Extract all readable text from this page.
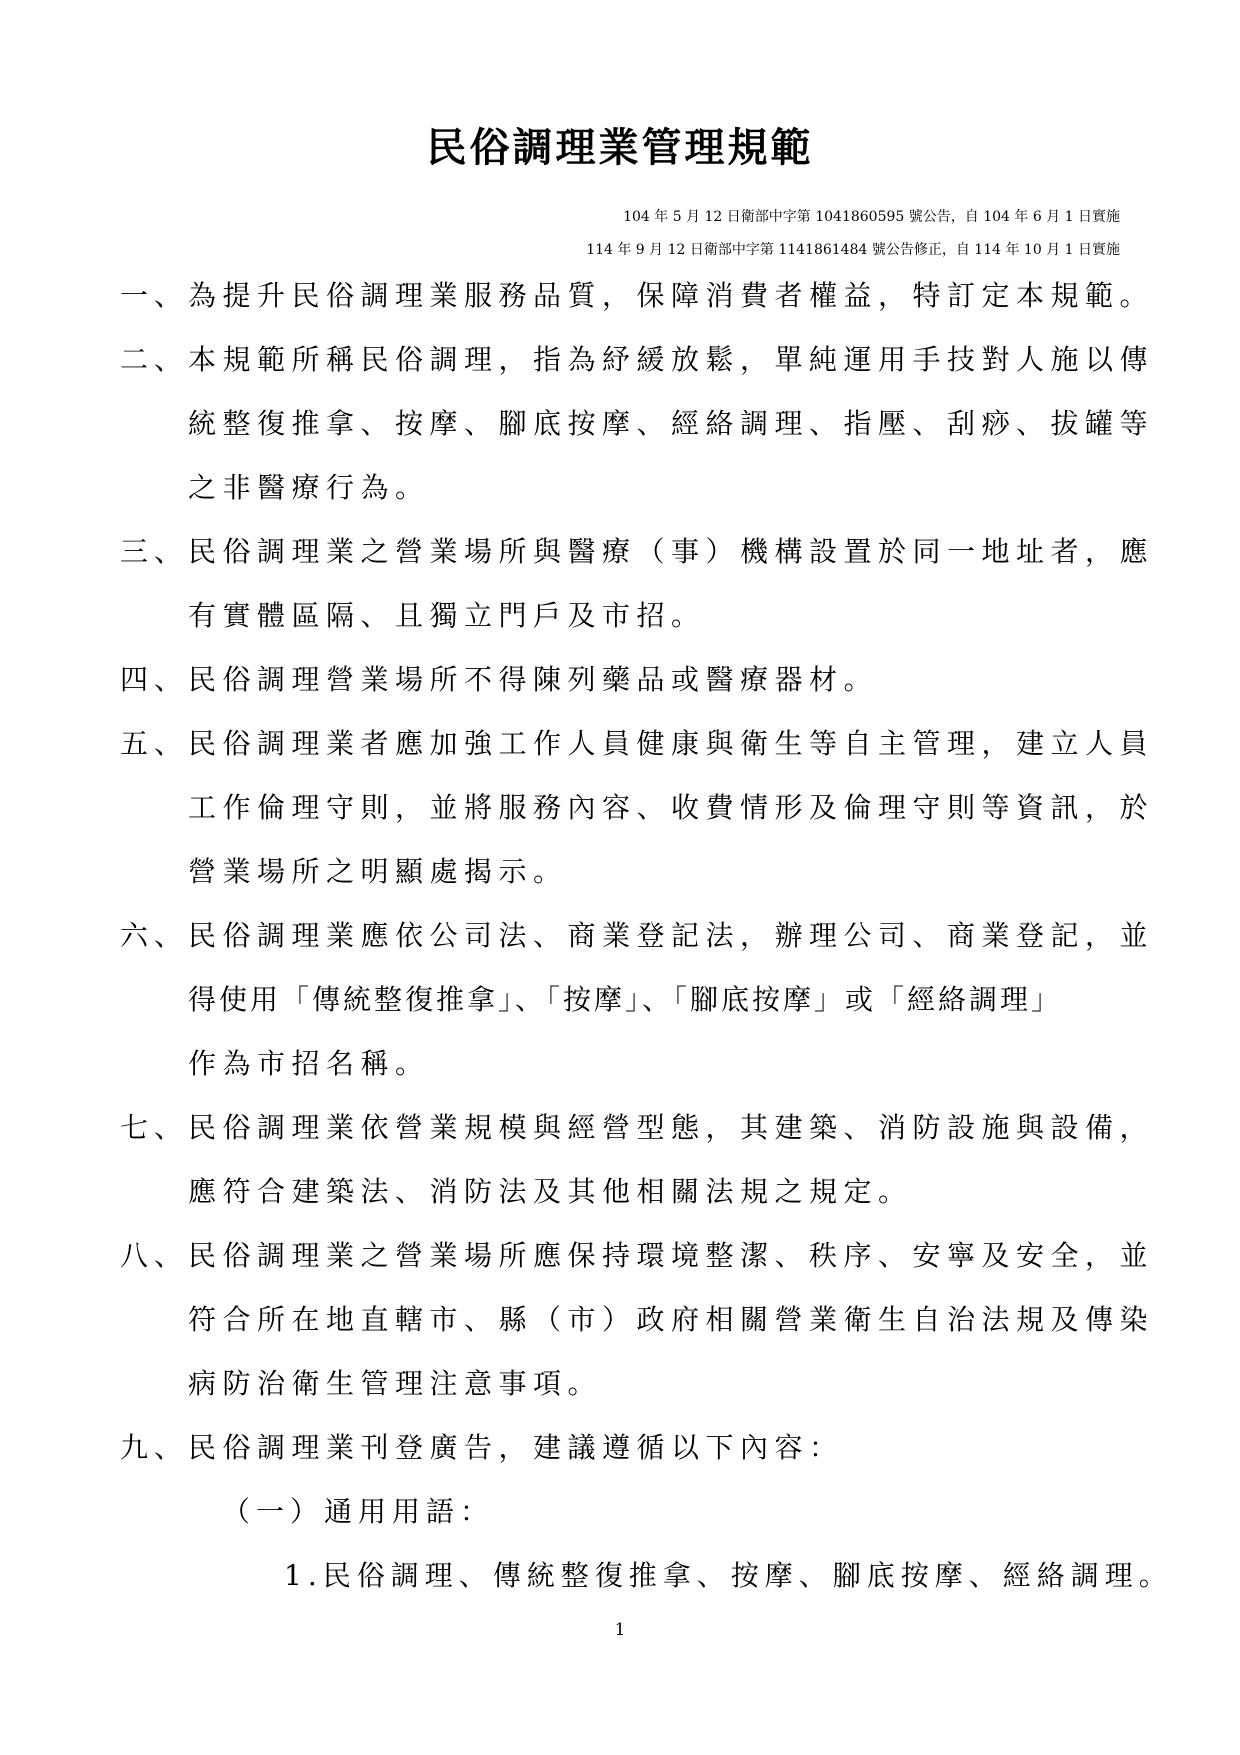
民俗調理業管理規範
104 年 5 月 12 日衛部中字第 1041860595 號公告，自 104 年 6 月 1 日實施
114 年 9 月 12 日衛部中字第 1141861484 號公告修正，自 114 年 10 月 1 日實施
一、 為提升民俗調理業服務品質，保障消費者權益，特訂定本規範。
二、 本規範所稱民俗調理，指為紓緩放鬆，單純運用手技對人施以傳
統整復推拿、按摩、腳底按摩、經絡調理、指壓、刮痧、拔罐等
之非醫療行為。
三、 民俗調理業之營業場所與醫療（事）機構設置於同一地址者，應
有實體區隔、且獨立門戶及市招。
四、 民俗調理營業場所不得陳列藥品或醫療器材。
五、 民俗調理業者應加強工作人員健康與衛生等自主管理，建立人員
工作倫理守則，並將服務內容、收費情形及倫理守則等資訊，於
營業場所之明顯處揭示。
六、 民俗調理業應依公司法、商業登記法，辦理公司、商業登記，並
得使用「傳統整復推拿」、「按摩」、「腳底按摩」或「經絡調理」
作為市招名稱。
七、 民俗調理業依營業規模與經營型態，其建築、消防設施與設備，
應符合建築法、消防法及其他相關法規之規定。
八、 民俗調理業之營業場所應保持環境整潔、秩序、安寧及安全，並
符合所在地直轄市、縣（市）政府相關營業衛生自治法規及傳染
病防治衛生管理注意事項。
九、 民俗調理業刊登廣告，建議遵循以下內容：
（一）通用用語：
1.民俗調理、傳統整復推拿、按摩、腳底按摩、經絡調理。
1
